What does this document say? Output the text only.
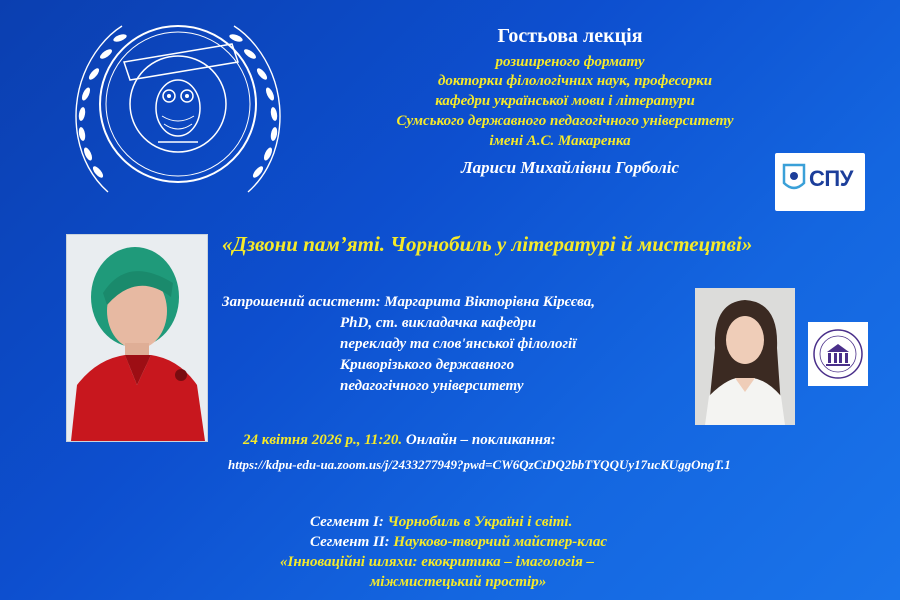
Гостьова лекція
розширеного формату
докторки філологічних наук, професорки
кафедри української мови і літератури
Сумського державного педагогічного університету
імені А.С. Макаренка
Лариси Михайлівни Горболіс	СПУ
«Дзвони пам’яті. Чорнобиль у літературі й мистецтві»
Запрошений асистент: Маргарита Вікторівна Кірєєва,
PhD, ст. викладачка кафедри
перекладу та слов'янської філології
Криворізького державного
педагогічного університету
24 квітня 2026 р., 11:20. Онлайн – покликання:
https://kdpu-edu-ua.zoom.us/j/2433277949?pwd=CW6QzCtDQ2bbTYQQUy17ucKUggOngT.1
Сегмент І: Чорнобиль в Україні і світі.
Сегмент ІІ: Науково-творчий майстер-клас
«Інноваційні шляхи: екокритика – імагологія –
міжмистецький простір»
